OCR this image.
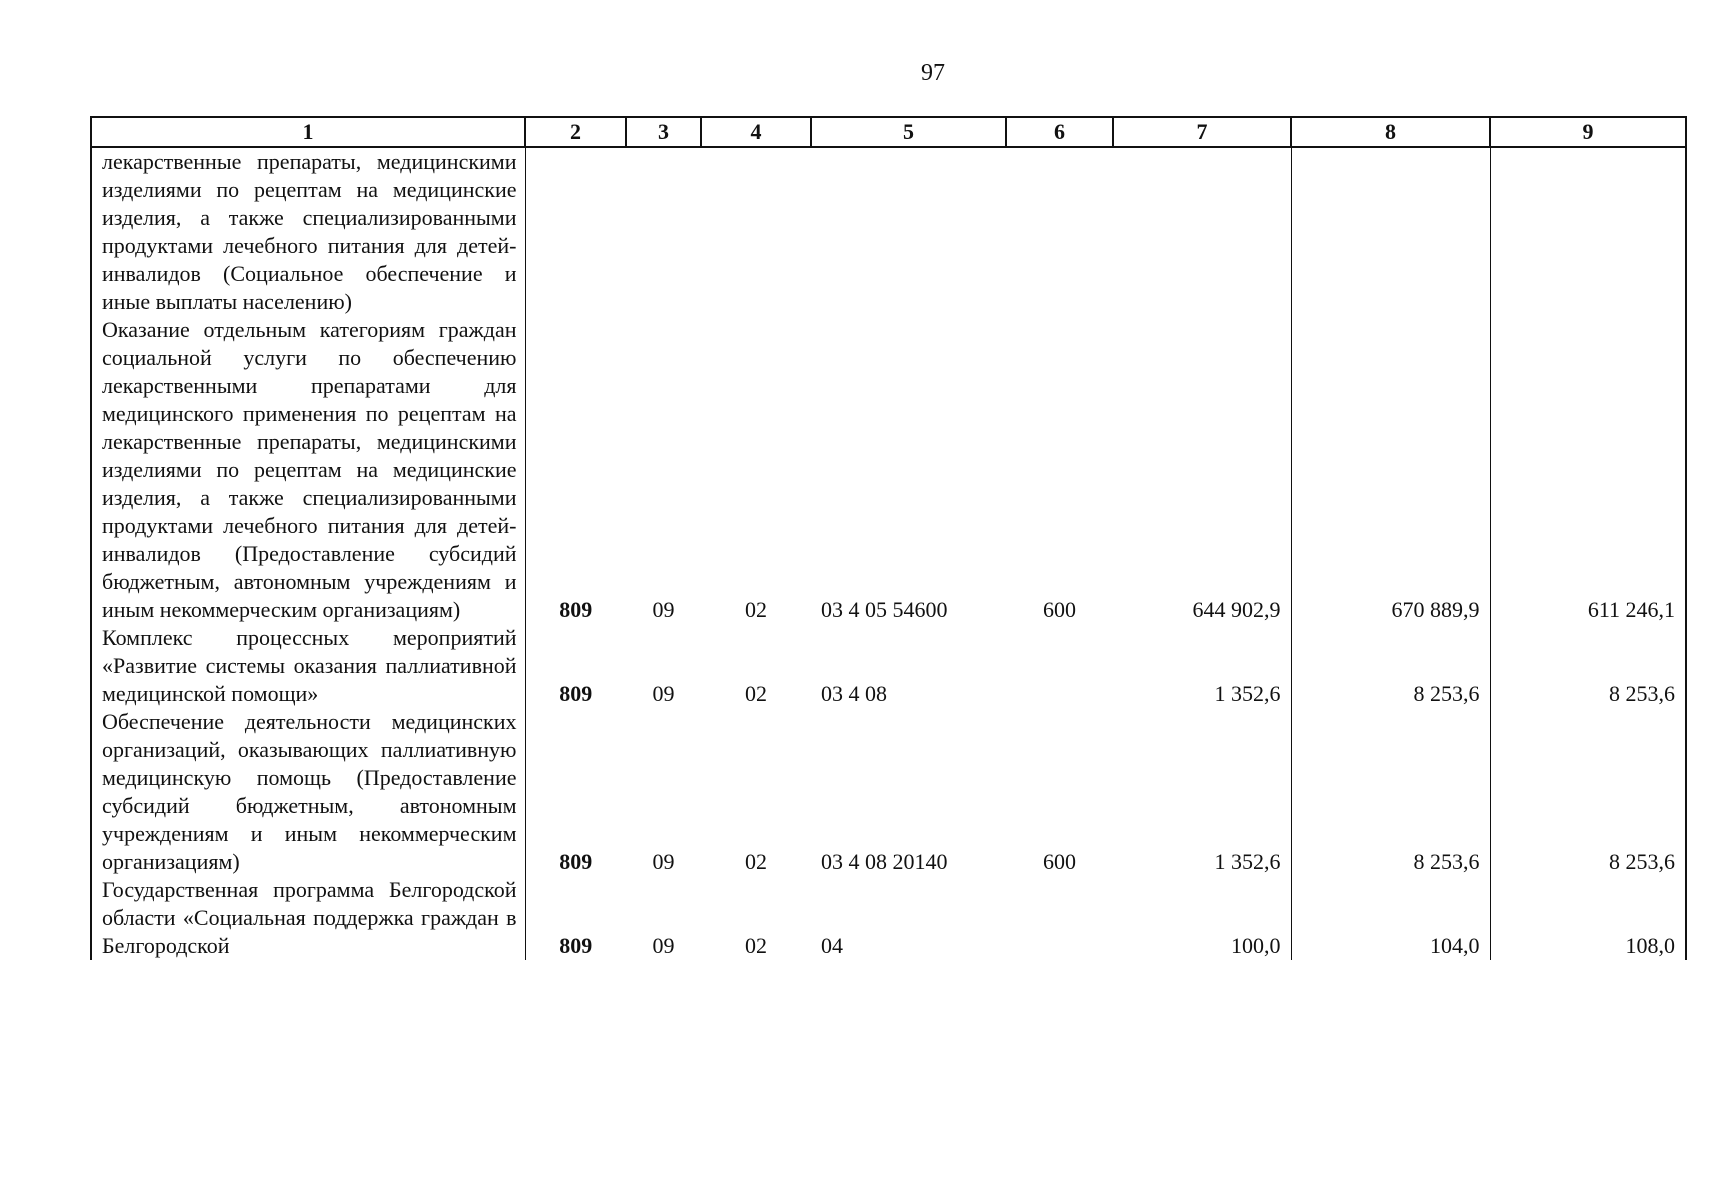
97
1	2	3	4	5	6	7	8	9
лекарственные препараты, медицинскими изделиями по рецептам на медицинские изделия, а также специализированными продуктами лечебного питания для детей-инвалидов (Социальное обеспечение и иные выплаты населению)								
Оказание отдельным категориям граждан социальной услуги по обеспечению лекарственными препаратами для медицинского применения по рецептам на лекарственные препараты, медицинскими изделиями по рецептам на медицинские изделия, а также специализированными продуктами лечебного питания для детей-инвалидов (Предоставление субсидий бюджетным, автономным учреждениям и иным некоммерческим организациям)	809	09	02	03 4 05 54600	600	644 902,9	670 889,9	611 246,1
Комплекс процессных мероприятий «Развитие системы оказания паллиативной медицинской помощи»	809	09	02	03 4 08		1 352,6	8 253,6	8 253,6
Обеспечение деятельности медицинских организаций, оказывающих паллиативную медицинскую помощь (Предоставление субсидий бюджетным, автономным учреждениям и иным некоммерческим организациям)	809	09	02	03 4 08 20140	600	1 352,6	8 253,6	8 253,6
Государственная программа Белгородской области «Социальная поддержка граждан в Белгородской	809	09	02	04		100,0	104,0	108,0
